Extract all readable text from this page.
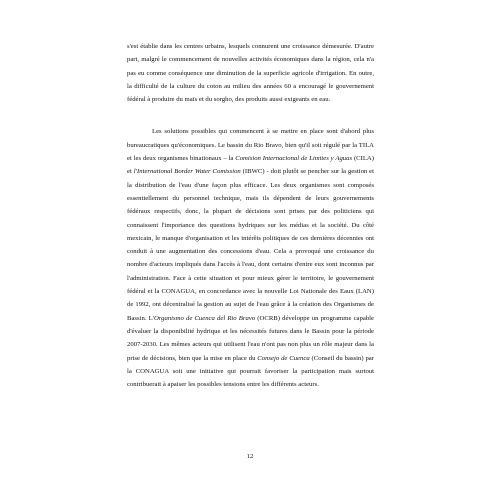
s'est établie dans les centres urbains, lesquels connurent une croissance démesurée. D'autre part, malgré le commencement de nouvelles activités économiques dans la région, cela n'a pas eu comme conséquence une diminution de la superficie agricole d'irrigation. En outre, la difficulté de la culture du coton au milieu des années 60 a encouragé le gouvernement fédéral à produire du maïs et du sorgho, des produits aussi exigeants en eau.

Les solutions possibles qui commencent à se mettre en place sont d'abord plus bureaucratiques qu'économiques. Le bassin du Rio Bravo, bien qu'il soit régulé par la TILA et les deux organismes binationaux – la Comision Internacional de Limites y Aguas (CILA) et l'International Border Water Comission (IBWC) - doit plutôt se pencher sur la gestion et la distribution de l'eau d'une façon plus efficace. Les deux organismes sont composés essentiellement du personnel technique, mais ils dépendent de leurs gouvernements fédéraux respectifs, donc, la plupart de décisions sont prises par des politiciens qui connaissent l'importance des questions hydriques sur les médias et la société. Du côté mexicain, le manque d'organisation et les intérêts politiques de ces dernières décennies ont conduit à une augmentation des concessions d'eau. Cela a provoqué une croissance du nombre d'acteurs impliqués dans l'accès à l'eau, dont certains d'entre eux sont inconnus par l'administration. Face à cette situation et pour mieux gérer le territoire, le gouvernement fédéral et la CONAGUA, en concordance avec la nouvelle Loi Nationale des Eaux (LAN) de 1992, ont décentralisé la gestion au sujet de l'eau grâce à la création des Organismes de Bassin. L'Organismo de Cuenca del Rio Bravo (OCRB) développe un programme capable d'évaluer la disponibilité hydrique et les nécessités futures dans le Bassin pour la période 2007-2030. Les mêmes acteurs qui utilisent l'eau n'ont pas non plus un rôle majeur dans la prise de décisions, bien que la mise en place du Consejo de Cuenca (Conseil du bassin) par la CONAGUA soit une initiative qui pourrait favoriser la participation mais surtout contribuerait à apaiser les possibles tensions entre les différents acteurs.

12
